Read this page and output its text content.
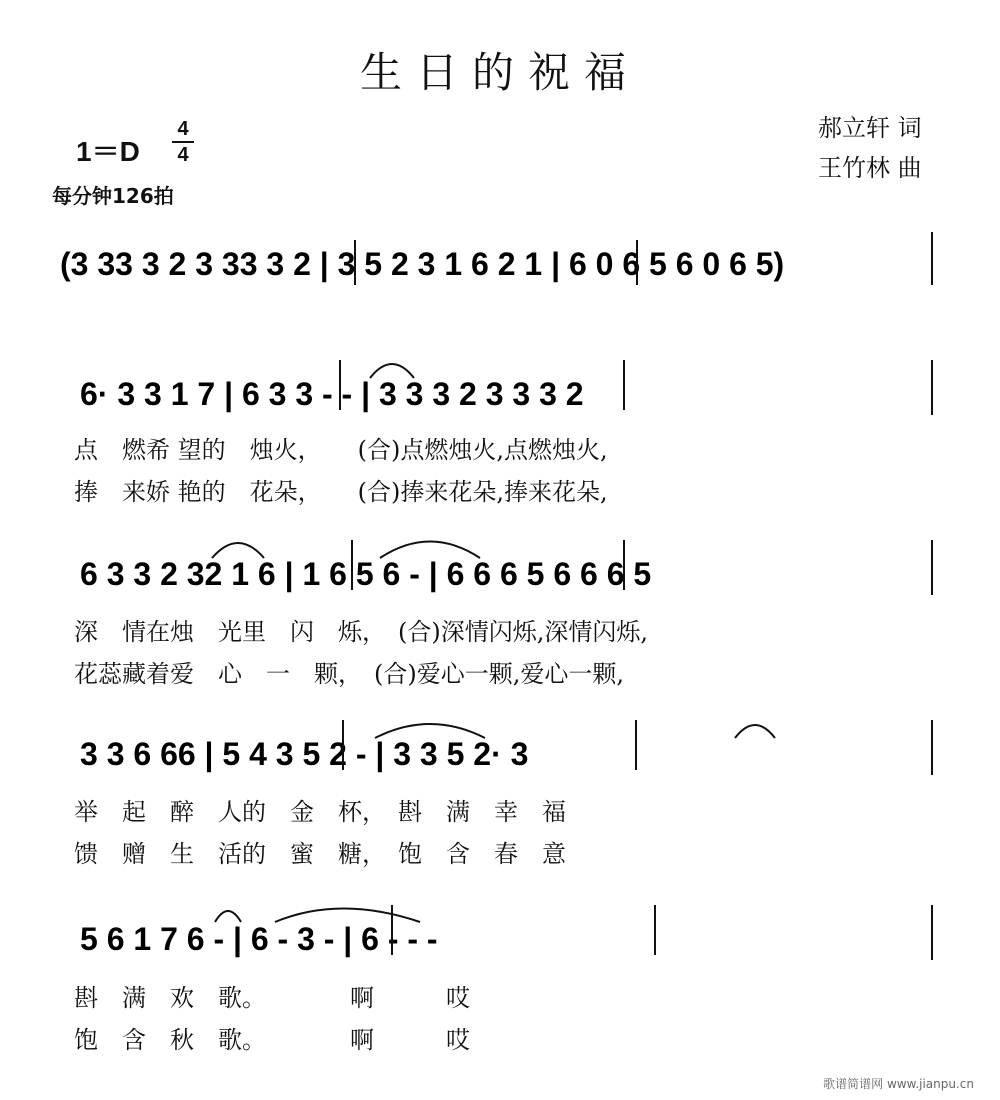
生日的祝福
郝立轩 词
王竹林 曲
1＝D
4
4
每分钟126拍
(3 33 3 2 3 33 3 2 | 3 5 2 3 1 6 2 1 | 6 0 6 5 6 0 6 5)
6· 3 3 1 7 | 6 3 3 - - | 3 3 3 2 3 3 3 2
6 3 3 2 32 1 6 | 1 6 5 6 - | 6 6 6 5 6 6 6 5
3 3 6 66 | 5 4 3 5 2 - | 3 3 5 2· 3
5 6 1 7 6 - | 6 - 3 - | 6 - - -
点　燃希 望的　烛火，　　(合)点燃烛火,点燃烛火,
捧　来娇 艳的　花朵，　　(合)捧来花朵,捧来花朵,
深　情在烛　光里　闪　烁，　(合)深情闪烁,深情闪烁,
花蕊藏着爱　心　一　颗，　(合)爱心一颗,爱心一颗,
举　起　醉　人的　金　杯，　斟　满　幸　福
馈　赠　生　活的　蜜　糖，　饱　含　春　意
斟　满　欢　歌。　　　　啊　　　哎
饱　含　秋　歌。　　　　啊　　　哎
歌谱简谱网 www.jianpu.cn
